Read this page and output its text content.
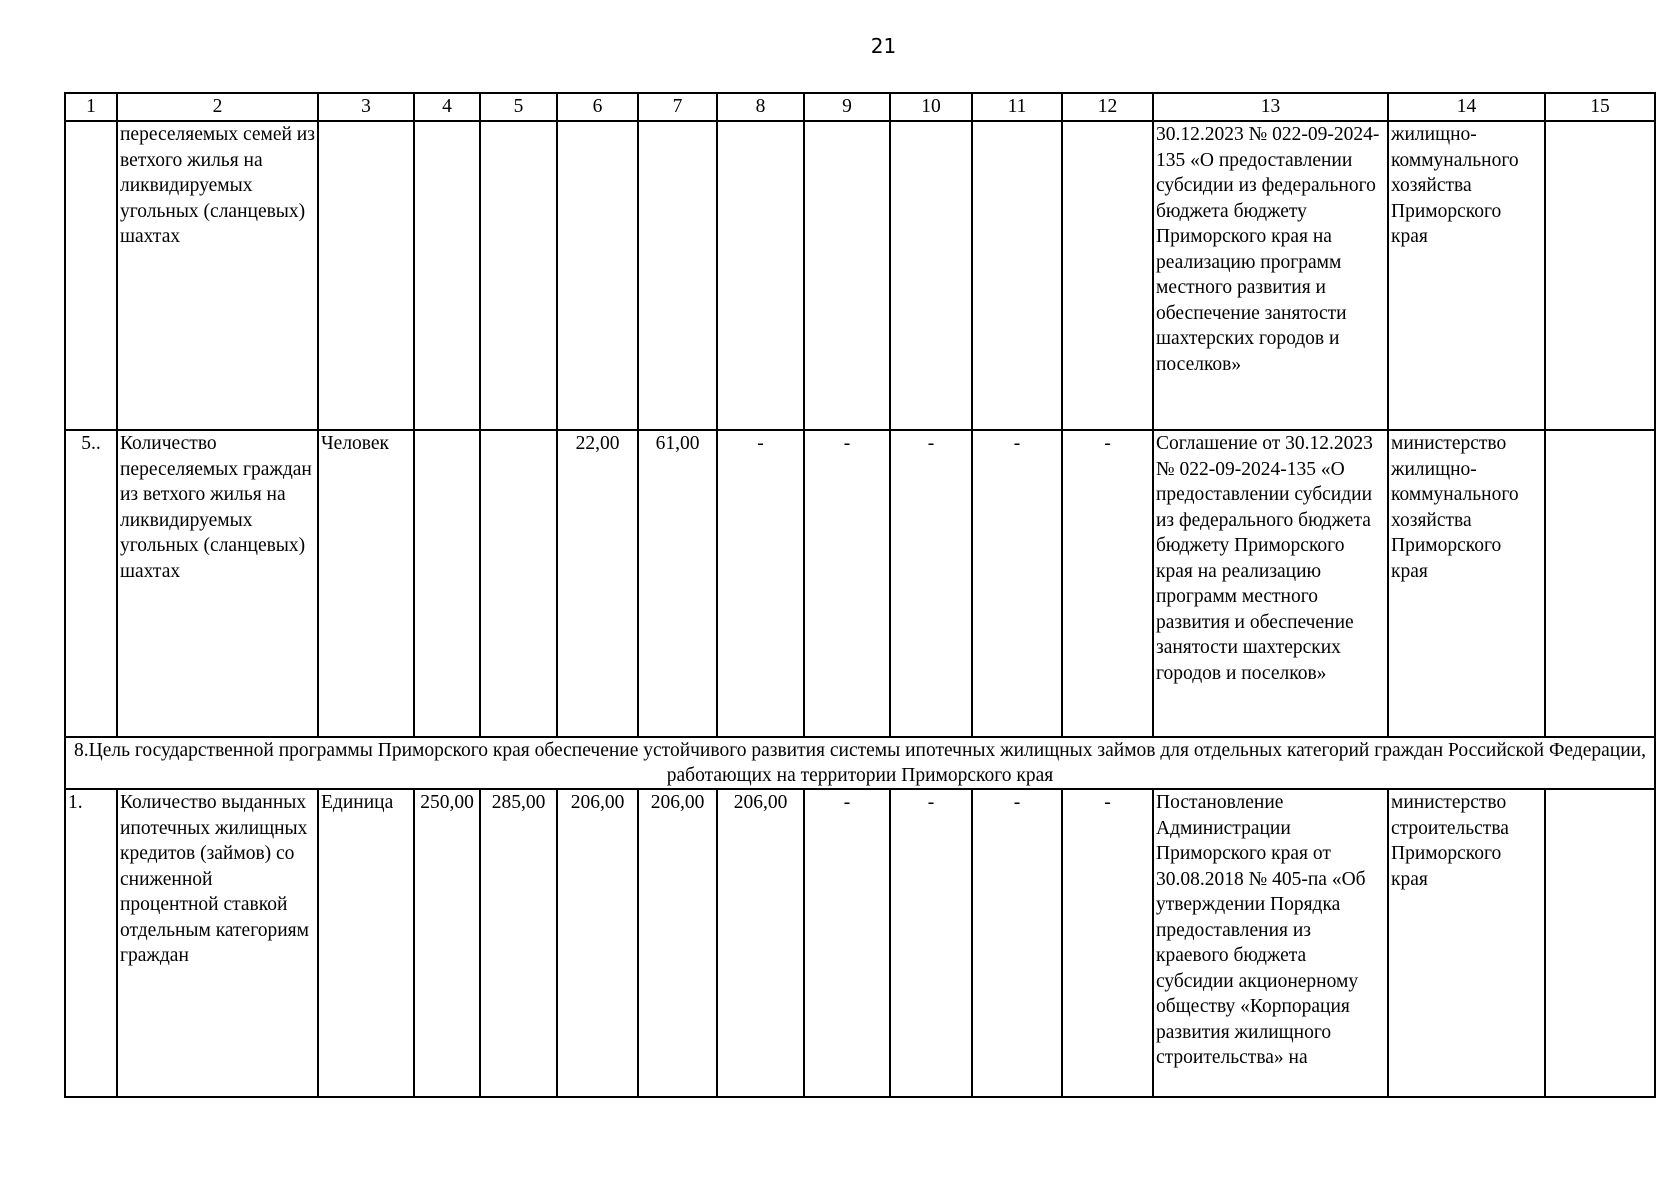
21
1	2	3	4	5	6	7	8	9	10	11	12	13	14	15
	переселяемых семей из ветхого жилья на ликвидируемых угольных (сланцевых) шахтах											30.12.2023 № 022-09-2024-135 «О предоставлении субсидии из федерального бюджета бюджету Приморского края на реализацию программ местного развития и обеспечение занятости шахтерских городов и поселков»	жилищно-коммунального хозяйства Приморского края	
5..	Количество переселяемых граждан из ветхого жилья на ликвидируемых угольных (сланцевых) шахтах	Человек			22,00	61,00	-	-	-	-	-	Соглашение от 30.12.2023 № 022-09-2024-135 «О предоставлении субсидии из федерального бюджета бюджету Приморского края на реализацию программ местного развития и обеспечение занятости шахтерских городов и поселков»	министерство жилищно-коммунального хозяйства Приморского края	
8.Цель государственной программы Приморского края обеспечение устойчивого развития системы ипотечных жилищных займов для отдельных категорий граждан Российской Федерации, работающих на территории Приморского края														
1.	Количество выданных ипотечных жилищных кредитов (займов) со сниженной процентной ставкой отдельным категориям граждан	Единица	250,00	285,00	206,00	206,00	206,00	-	-	-	-	Постановление Администрации Приморского края от 30.08.2018 № 405-па «Об утверждении Порядка предоставления из краевого бюджета субсидии акционерному обществу «Корпорация развития жилищного строительства» на	министерство строительства Приморского края	
